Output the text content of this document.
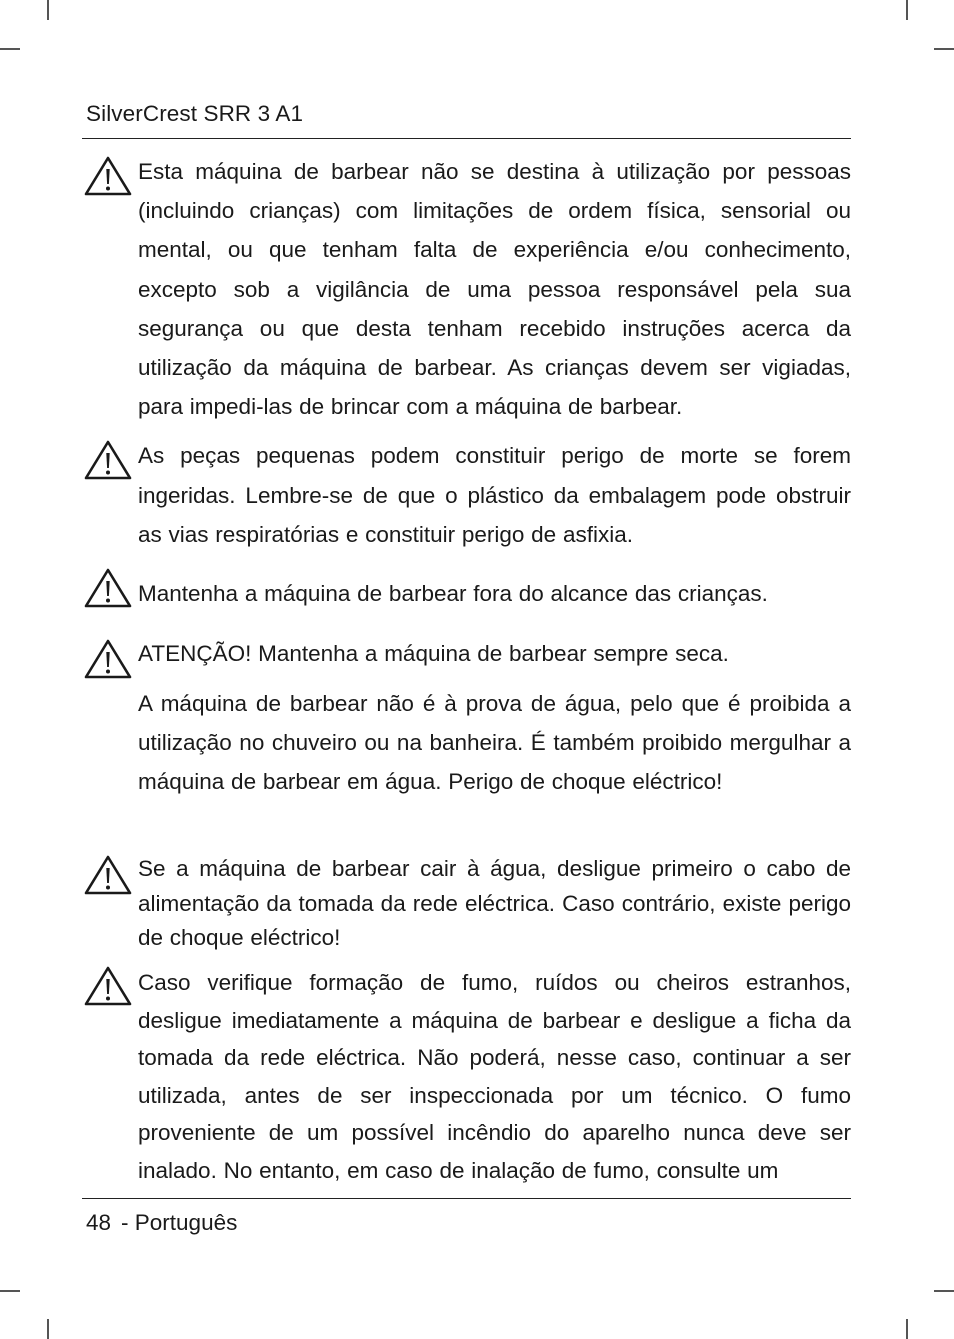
SilverCrest SRR 3 A1

Esta máquina de barbear não se destina à utilização por pessoas (incluindo crianças) com limitações de ordem física, sensorial ou mental, ou que tenham falta de experiência e/ou conhecimento, excepto sob a vigilância de uma pessoa responsável pela sua segurança ou que desta tenham recebido instruções acerca da utilização da máquina de barbear. As crianças devem ser vigiadas, para impedi-las de brincar com a máquina de barbear.

As peças pequenas podem constituir perigo de morte se forem ingeridas. Lembre-se de que o plástico da embalagem pode obstruir as vias respiratórias e constituir perigo de asfixia.

Mantenha a máquina de barbear fora do alcance das crianças.

ATENÇÃO! Mantenha a máquina de barbear sempre seca.

A máquina de barbear não é à prova de água, pelo que é proibida a utilização no chuveiro ou na banheira. É também proibido mergulhar a máquina de barbear em água. Perigo de choque eléctrico!

Se a máquina de barbear cair à água, desligue primeiro o cabo de alimentação da tomada da rede eléctrica. Caso contrário, existe perigo de choque eléctrico!

Caso verifique formação de fumo, ruídos ou cheiros estranhos, desligue imediatamente a máquina de barbear e desligue a ficha da tomada da rede eléctrica. Não poderá, nesse caso, continuar a ser utilizada, antes de ser inspeccionada por um técnico. O fumo proveniente de um possível incêndio do aparelho nunca deve ser inalado. No entanto, em caso de inalação de fumo, consulte um

48 - Português
